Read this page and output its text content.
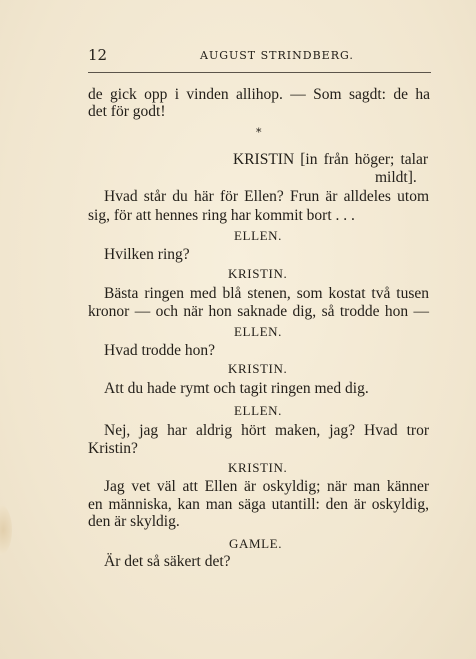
12	AUGUST STRINDBERG.
de gick opp i vinden allihop. — Som sagdt: de ha
det för godt!
*
KRISTIN [in från höger; talar
mildt].
Hvad står du här för Ellen? Frun är alldeles utom
sig, för att hennes ring har kommit bort . . .
ELLEN.
Hvilken ring?
KRISTIN.
Bästa ringen med blå stenen, som kostat två tusen
kronor — och när hon saknade dig, så trodde hon —
ELLEN.
Hvad trodde hon?
KRISTIN.
Att du hade rymt och tagit ringen med dig.
ELLEN.
Nej, jag har aldrig hört maken, jag? Hvad tror
Kristin?
KRISTIN.
Jag vet väl att Ellen är oskyldig; när man känner
en människa, kan man säga utantill: den är oskyldig,
den är skyldig.
GAMLE.
Är det så säkert det?
